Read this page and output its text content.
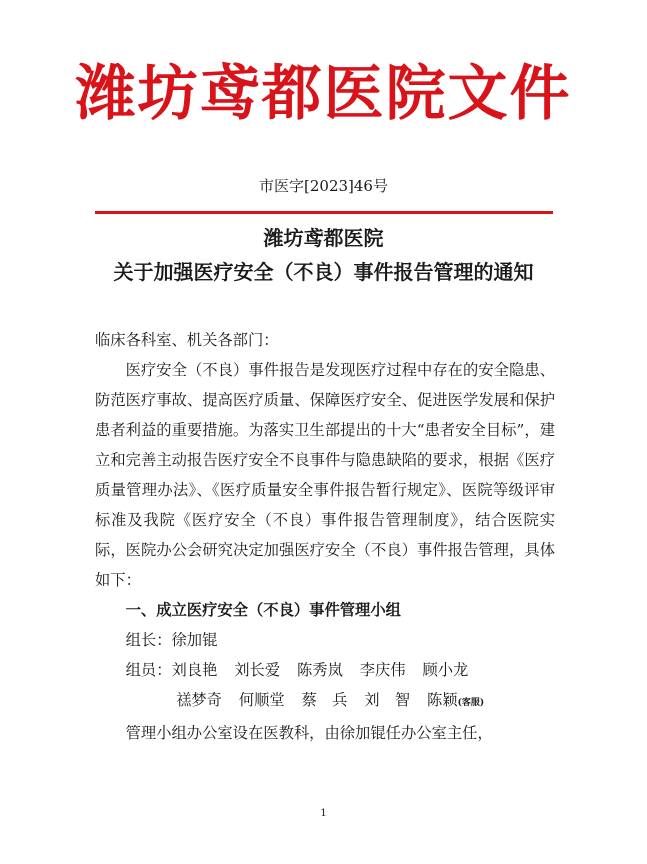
潍坊鸢都医院文件
市医字[2023]46号
潍坊鸢都医院
关于加强医疗安全（不良）事件报告管理的通知

临床各科室、机关各部门：

医疗安全（不良）事件报告是发现医疗过程中存在的安全隐患、防范医疗事故、提高医疗质量、保障医疗安全、促进医学发展和保护患者利益的重要措施。为落实卫生部提出的十大“患者安全目标”，建立和完善主动报告医疗安全不良事件与隐患缺陷的要求，根据《医疗质量管理办法》、《医疗质量安全事件报告暂行规定》、医院等级评审标准及我院《医疗安全（不良）事件报告管理制度》，结合医院实际，医院办公会研究决定加强医疗安全（不良）事件报告管理，具体如下：

一、成立医疗安全（不良）事件管理小组

组长：徐加锟

组员：刘良艳 刘长爱 陈秀岚 李庆伟 顾小龙

禚梦奇 何顺堂 蔡　兵 刘　智 陈颖(客服)

管理小组办公室设在医教科，由徐加锟任办公室主任，

1
